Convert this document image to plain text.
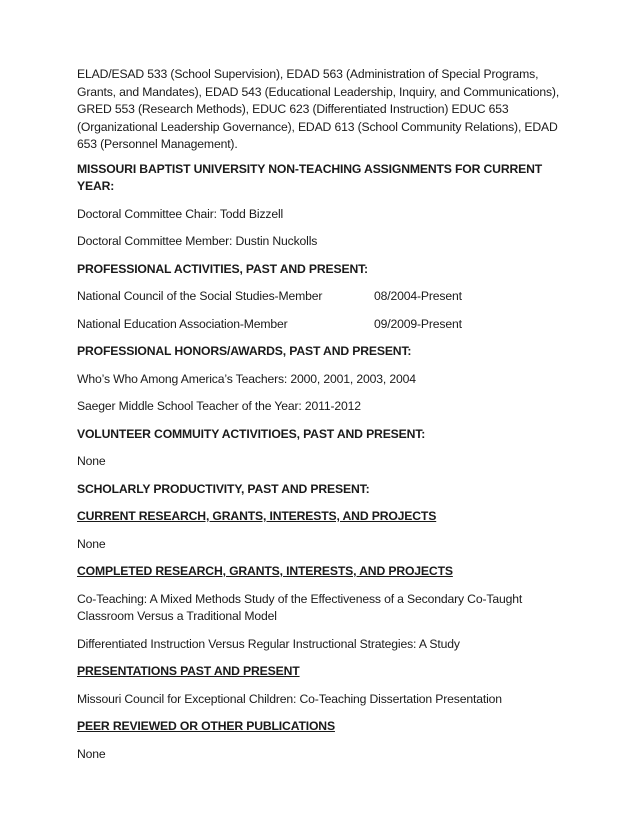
ELAD/ESAD 533 (School Supervision), EDAD 563 (Administration of Special Programs, Grants, and Mandates), EDAD 543 (Educational Leadership, Inquiry, and Communications), GRED 553 (Research Methods), EDUC 623 (Differentiated Instruction) EDUC 653 (Organizational Leadership Governance), EDAD 613 (School Community Relations), EDAD 653 (Personnel Management).

MISSOURI BAPTIST UNIVERSITY NON-TEACHING ASSIGNMENTS FOR CURRENT YEAR:

Doctoral Committee Chair: Todd Bizzell

Doctoral Committee Member: Dustin Nuckolls

PROFESSIONAL ACTIVITIES, PAST AND PRESENT:

National Council of the Social Studies-Member	08/2004-Present
National Education Association-Member	09/2009-Present

PROFESSIONAL HONORS/AWARDS, PAST AND PRESENT:

Who’s Who Among America’s Teachers: 2000, 2001, 2003, 2004

Saeger Middle School Teacher of the Year: 2011-2012

VOLUNTEER COMMUITY ACTIVITIOES, PAST AND PRESENT:

None

SCHOLARLY PRODUCTIVITY, PAST AND PRESENT:

CURRENT RESEARCH, GRANTS, INTERESTS, AND PROJECTS

None

COMPLETED RESEARCH, GRANTS, INTERESTS, AND PROJECTS

Co-Teaching: A Mixed Methods Study of the Effectiveness of a Secondary Co-Taught Classroom Versus a Traditional Model

Differentiated Instruction Versus Regular Instructional Strategies: A Study

PRESENTATIONS PAST AND PRESENT

Missouri Council for Exceptional Children: Co-Teaching Dissertation Presentation

PEER REVIEWED OR OTHER PUBLICATIONS

None
